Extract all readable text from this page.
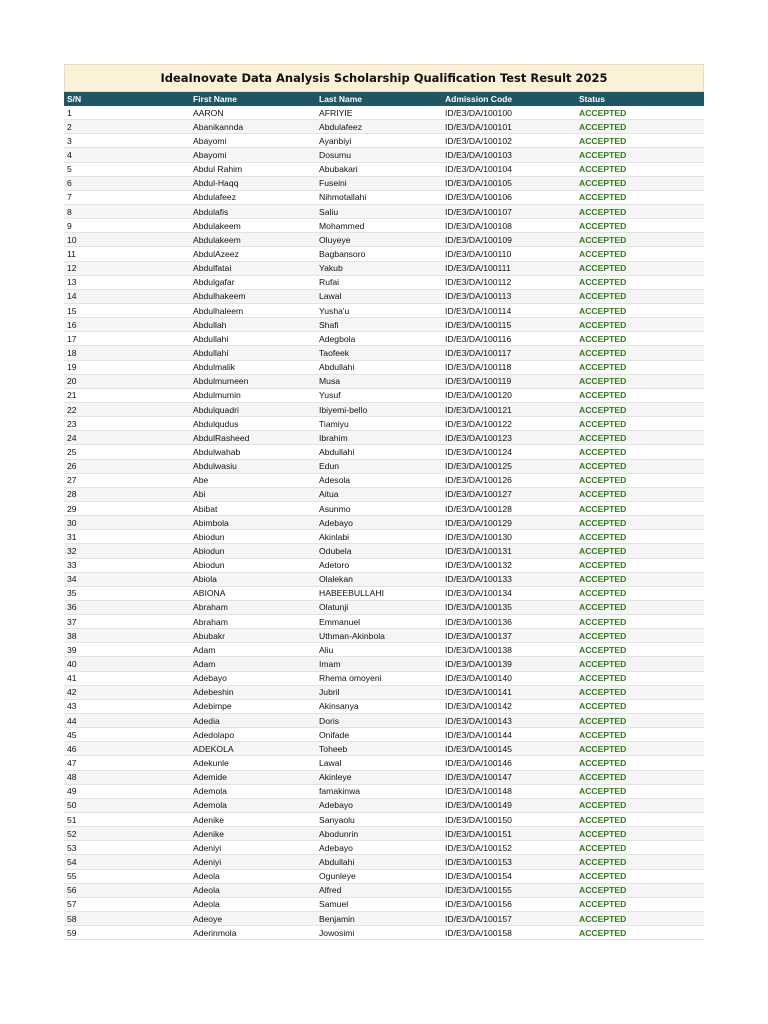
IdeaInovate Data Analysis Scholarship Qualification Test Result 2025
S/N	First Name	Last Name	Admission Code	Status
1	AARON	AFRIYIE	ID/E3/DA/100100	ACCEPTED
2	Abanikannda	Abdulafeez	ID/E3/DA/100101	ACCEPTED
3	Abayomi	Ayanbiyi	ID/E3/DA/100102	ACCEPTED
4	Abayomi	Dosumu	ID/E3/DA/100103	ACCEPTED
5	Abdul Rahim	Abubakari	ID/E3/DA/100104	ACCEPTED
6	Abdul-Haqq	Fuseini	ID/E3/DA/100105	ACCEPTED
7	Abdulafeez	Nihmotallahi	ID/E3/DA/100106	ACCEPTED
8	Abdulafis	Saliu	ID/E3/DA/100107	ACCEPTED
9	Abdulakeem	Mohammed	ID/E3/DA/100108	ACCEPTED
10	Abdulakeem	Oluyeye	ID/E3/DA/100109	ACCEPTED
11	AbdulAzeez	Bagbansoro	ID/E3/DA/100110	ACCEPTED
12	Abdulfatai	Yakub	ID/E3/DA/100111	ACCEPTED
13	Abdulgafar	Rufai	ID/E3/DA/100112	ACCEPTED
14	Abdulhakeem	Lawal	ID/E3/DA/100113	ACCEPTED
15	Abdulhaleem	Yusha'u	ID/E3/DA/100114	ACCEPTED
16	Abdullah	Shafi	ID/E3/DA/100115	ACCEPTED
17	Abdullahi	Adegbola	ID/E3/DA/100116	ACCEPTED
18	Abdullahi	Taofeek	ID/E3/DA/100117	ACCEPTED
19	Abdulmalik	Abdullahi	ID/E3/DA/100118	ACCEPTED
20	Abdulmumeen	Musa	ID/E3/DA/100119	ACCEPTED
21	Abdulmumin	Yusuf	ID/E3/DA/100120	ACCEPTED
22	Abdulquadri	Ibiyemi-bello	ID/E3/DA/100121	ACCEPTED
23	Abdulqudus	Tiamiyu	ID/E3/DA/100122	ACCEPTED
24	AbdulRasheed	Ibrahim	ID/E3/DA/100123	ACCEPTED
25	Abdulwahab	Abdullahi	ID/E3/DA/100124	ACCEPTED
26	Abdulwasiu	Edun	ID/E3/DA/100125	ACCEPTED
27	Abe	Adesola	ID/E3/DA/100126	ACCEPTED
28	Abi	Aitua	ID/E3/DA/100127	ACCEPTED
29	Abibat	Asunmo	ID/E3/DA/100128	ACCEPTED
30	Abimbola	Adebayo	ID/E3/DA/100129	ACCEPTED
31	Abiodun	Akinlabi	ID/E3/DA/100130	ACCEPTED
32	Abiodun	Odubela	ID/E3/DA/100131	ACCEPTED
33	Abiodun	Adetoro	ID/E3/DA/100132	ACCEPTED
34	Abiola	Olalekan	ID/E3/DA/100133	ACCEPTED
35	ABIONA	HABEEBULLAHI	ID/E3/DA/100134	ACCEPTED
36	Abraham	Olatunji	ID/E3/DA/100135	ACCEPTED
37	Abraham	Emmanuel	ID/E3/DA/100136	ACCEPTED
38	Abubakr	Uthman-Akinbola	ID/E3/DA/100137	ACCEPTED
39	Adam	Aliu	ID/E3/DA/100138	ACCEPTED
40	Adam	Imam	ID/E3/DA/100139	ACCEPTED
41	Adebayo	Rhema omoyeni	ID/E3/DA/100140	ACCEPTED
42	Adebeshin	Jubril	ID/E3/DA/100141	ACCEPTED
43	Adebimpe	Akinsanya	ID/E3/DA/100142	ACCEPTED
44	Adedia	Doris	ID/E3/DA/100143	ACCEPTED
45	Adedolapo	Onifade	ID/E3/DA/100144	ACCEPTED
46	ADEKOLA	Toheeb	ID/E3/DA/100145	ACCEPTED
47	Adekunle	Lawal	ID/E3/DA/100146	ACCEPTED
48	Ademide	Akinleye	ID/E3/DA/100147	ACCEPTED
49	Ademola	famakinwa	ID/E3/DA/100148	ACCEPTED
50	Ademola	Adebayo	ID/E3/DA/100149	ACCEPTED
51	Adenike	Sanyaolu	ID/E3/DA/100150	ACCEPTED
52	Adenike	Abodunrin	ID/E3/DA/100151	ACCEPTED
53	Adeniyi	Adebayo	ID/E3/DA/100152	ACCEPTED
54	Adeniyi	Abdullahi	ID/E3/DA/100153	ACCEPTED
55	Adeola	Ogunleye	ID/E3/DA/100154	ACCEPTED
56	Adeola	Alfred	ID/E3/DA/100155	ACCEPTED
57	Adeola	Samuel	ID/E3/DA/100156	ACCEPTED
58	Adeoye	Benjamin	ID/E3/DA/100157	ACCEPTED
59	Aderinmola	Jowosimi	ID/E3/DA/100158	ACCEPTED
